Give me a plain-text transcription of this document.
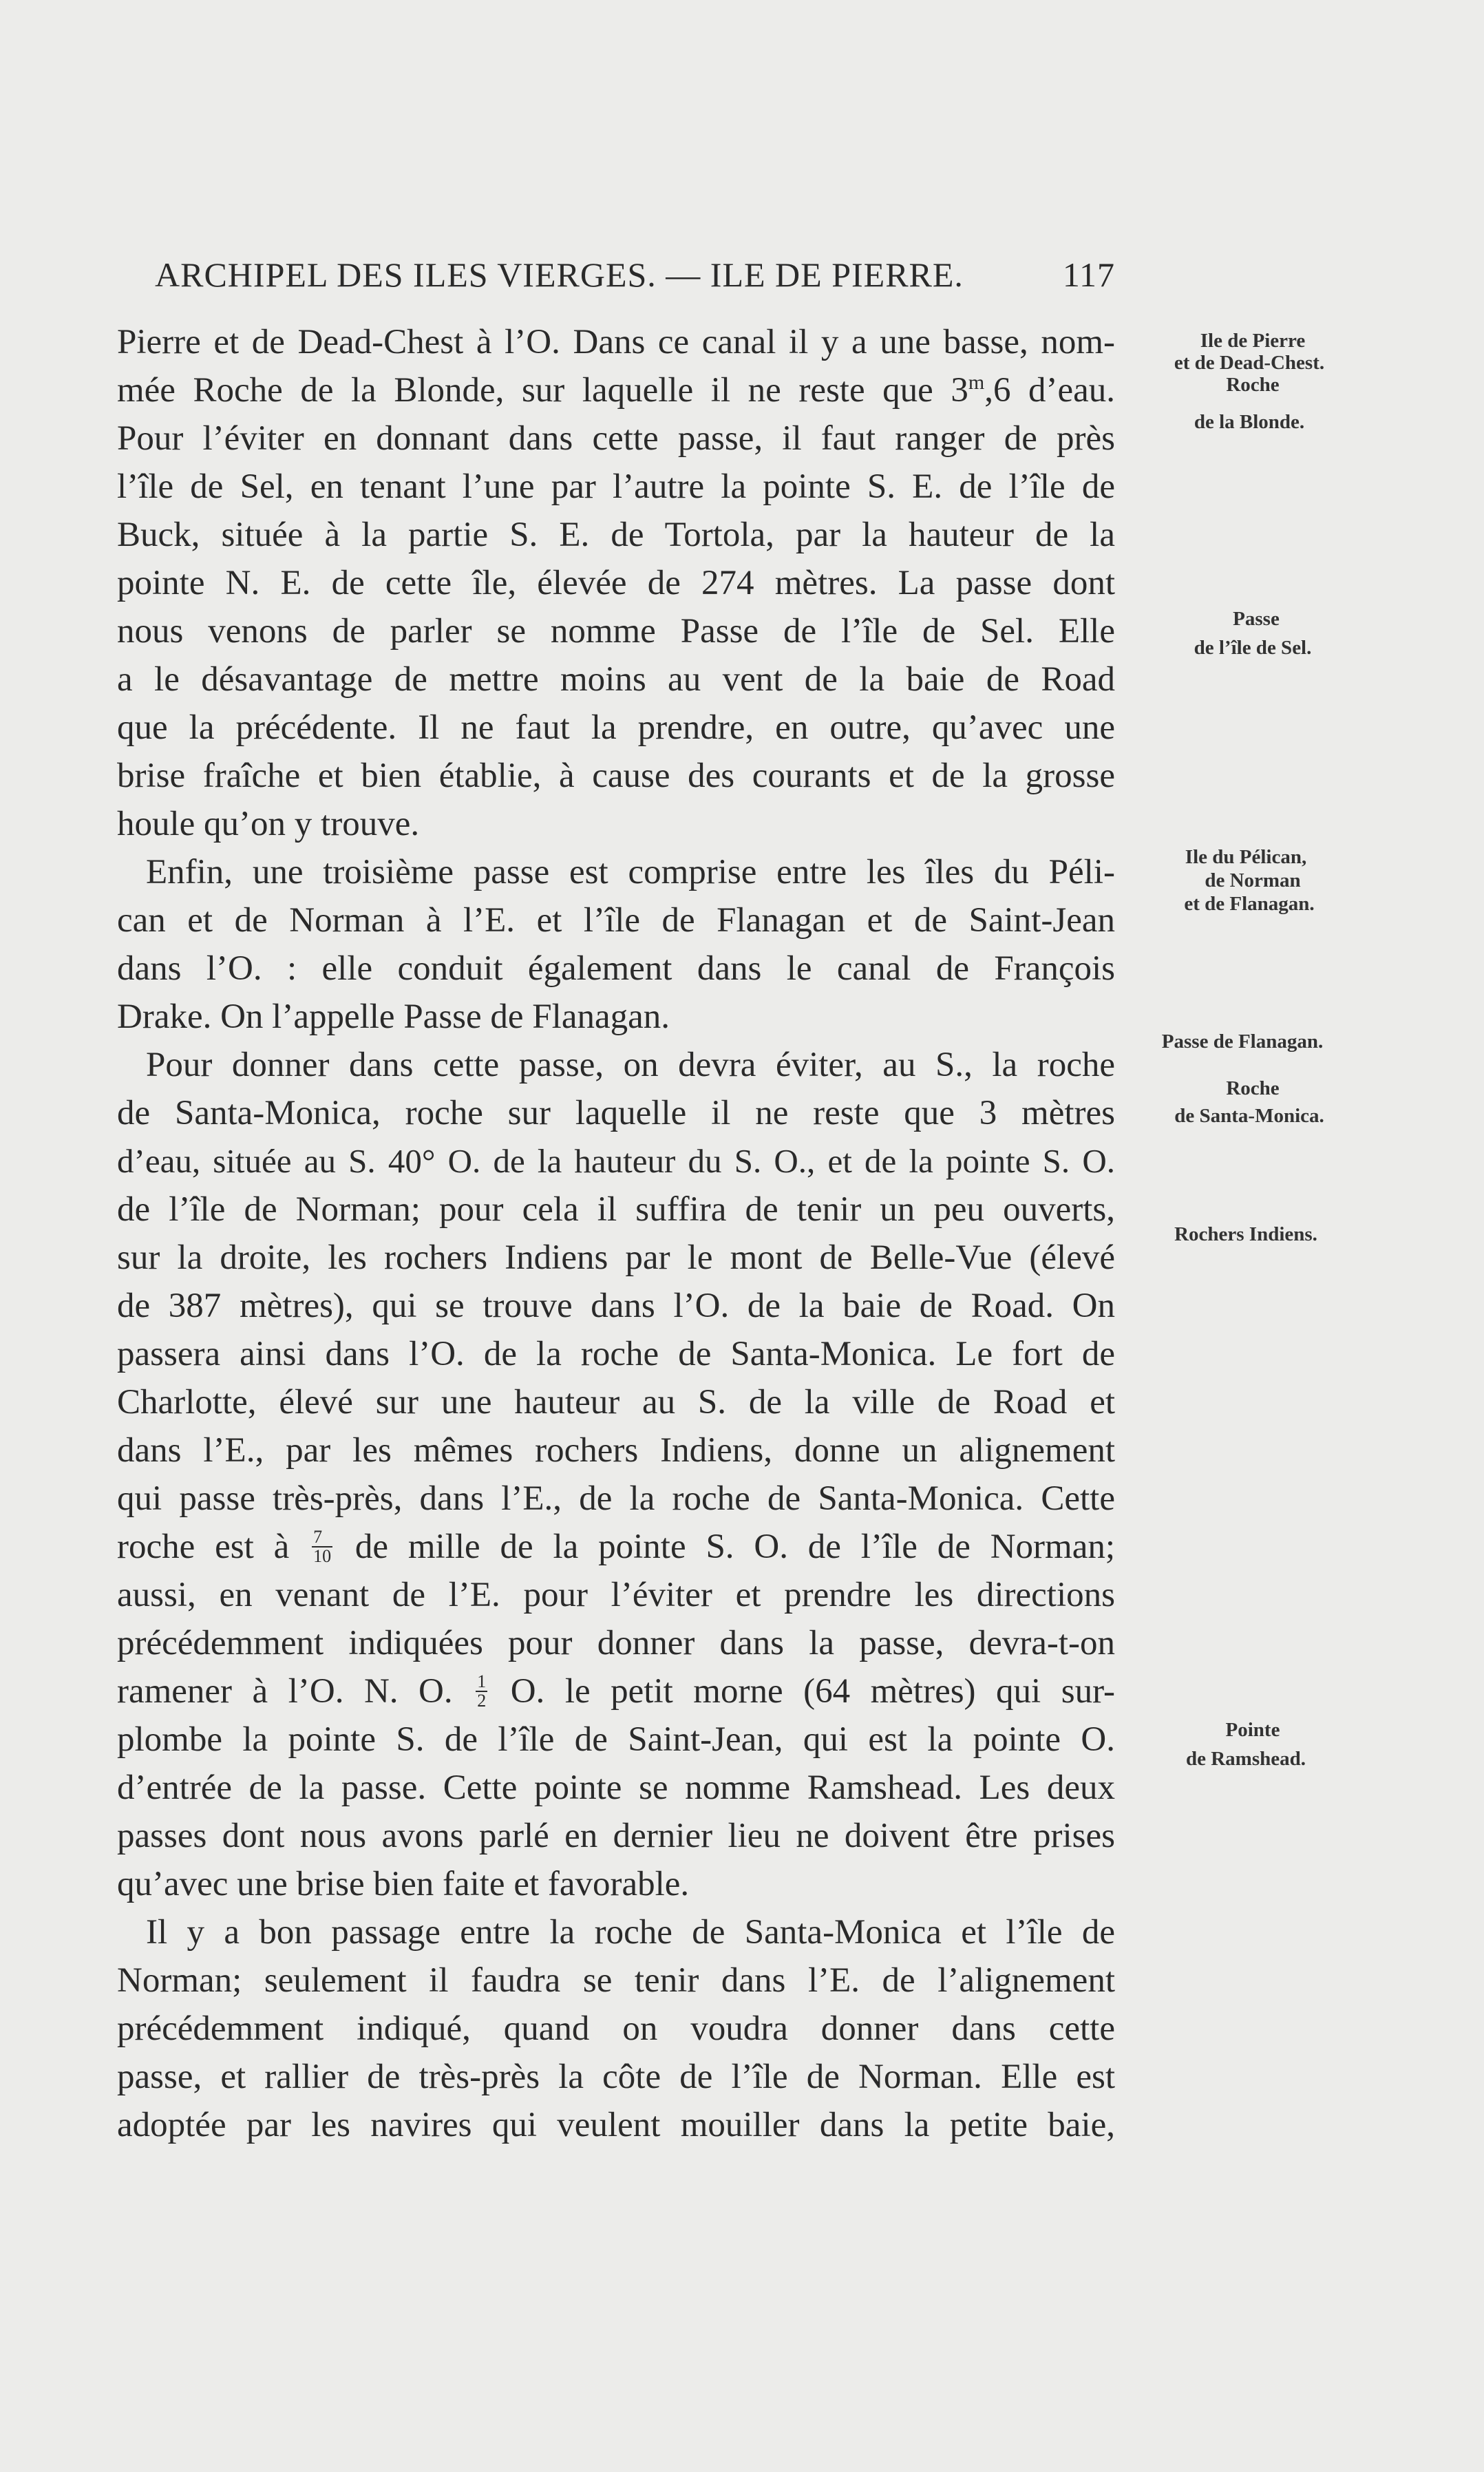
ARCHIPEL DES ILES VIERGES. — ILE DE PIERRE.	117
Pierre et de Dead-Chest à l’O. Dans ce canal il y a une basse, nom-
mée Roche de la Blonde, sur laquelle il ne reste que 3$^m$,6 d’eau.
Pour l’éviter en donnant dans cette passe, il faut ranger de près
l’île de Sel, en tenant l’une par l’autre la pointe S. E. de l’île de
Buck, située à la partie S. E. de Tortola, par la hauteur de la
pointe N. E. de cette île, élevée de 274 mètres. La passe dont
nous venons de parler se nomme Passe de l’île de Sel. Elle
a le désavantage de mettre moins au vent de la baie de Road
que la précédente. Il ne faut la prendre, en outre, qu’avec une
brise fraîche et bien établie, à cause des courants et de la grosse
houle qu’on y trouve.
Enfin, une troisième passe est comprise entre les îles du Péli-
can et de Norman à l’E. et l’île de Flanagan et de Saint-Jean
dans l’O. : elle conduit également dans le canal de François
Drake. On l’appelle Passe de Flanagan.
Pour donner dans cette passe, on devra éviter, au S., la roche
de Santa-Monica, roche sur laquelle il ne reste que 3 mètres
d’eau, située au S. 40° O. de la hauteur du S. O., et de la pointe S. O.
de l’île de Norman; pour cela il suffira de tenir un peu ouverts,
sur la droite, les rochers Indiens par le mont de Belle-Vue (élevé
de 387 mètres), qui se trouve dans l’O. de la baie de Road. On
passera ainsi dans l’O. de la roche de Santa-Monica. Le fort de
Charlotte, élevé sur une hauteur au S. de la ville de Road et
dans l’E., par les mêmes rochers Indiens, donne un alignement
qui passe très-près, dans l’E., de la roche de Santa-Monica. Cette
roche est à $\frac{7}{10}$ de mille de la pointe S. O. de l’île de Norman;
aussi, en venant de l’E. pour l’éviter et prendre les directions
précédemment indiquées pour donner dans la passe, devra-t-on
ramener à l’O. N. O. $\frac{1}{2} O$. le petit morne (64 mètres) qui sur-
plombe la pointe S. de l’île de Saint-Jean, qui est la pointe O.
d’entrée de la passe. Cette pointe se nomme Ramshead. Les deux
passes dont nous avons parlé en dernier lieu ne doivent être prises
qu’avec une brise bien faite et favorable.
Il y a bon passage entre la roche de Santa-Monica et l’île de
Norman; seulement il faudra se tenir dans l’E. de l’alignement
précédemment indiqué, quand on voudra donner dans cette
passe, et rallier de très-près la côte de l’île de Norman. Elle est
adoptée par les navires qui veulent mouiller dans la petite baie,
Ile de Pierre
et de Dead-Chest.
Roche
de la Blonde.
Passe
de l’île de Sel.
Ile du Pélican,
de Norman
et de Flanagan.
Passe de Flanagan.
Roche
de Santa-Monica.
Rochers Indiens.
Pointe
de Ramshead.
